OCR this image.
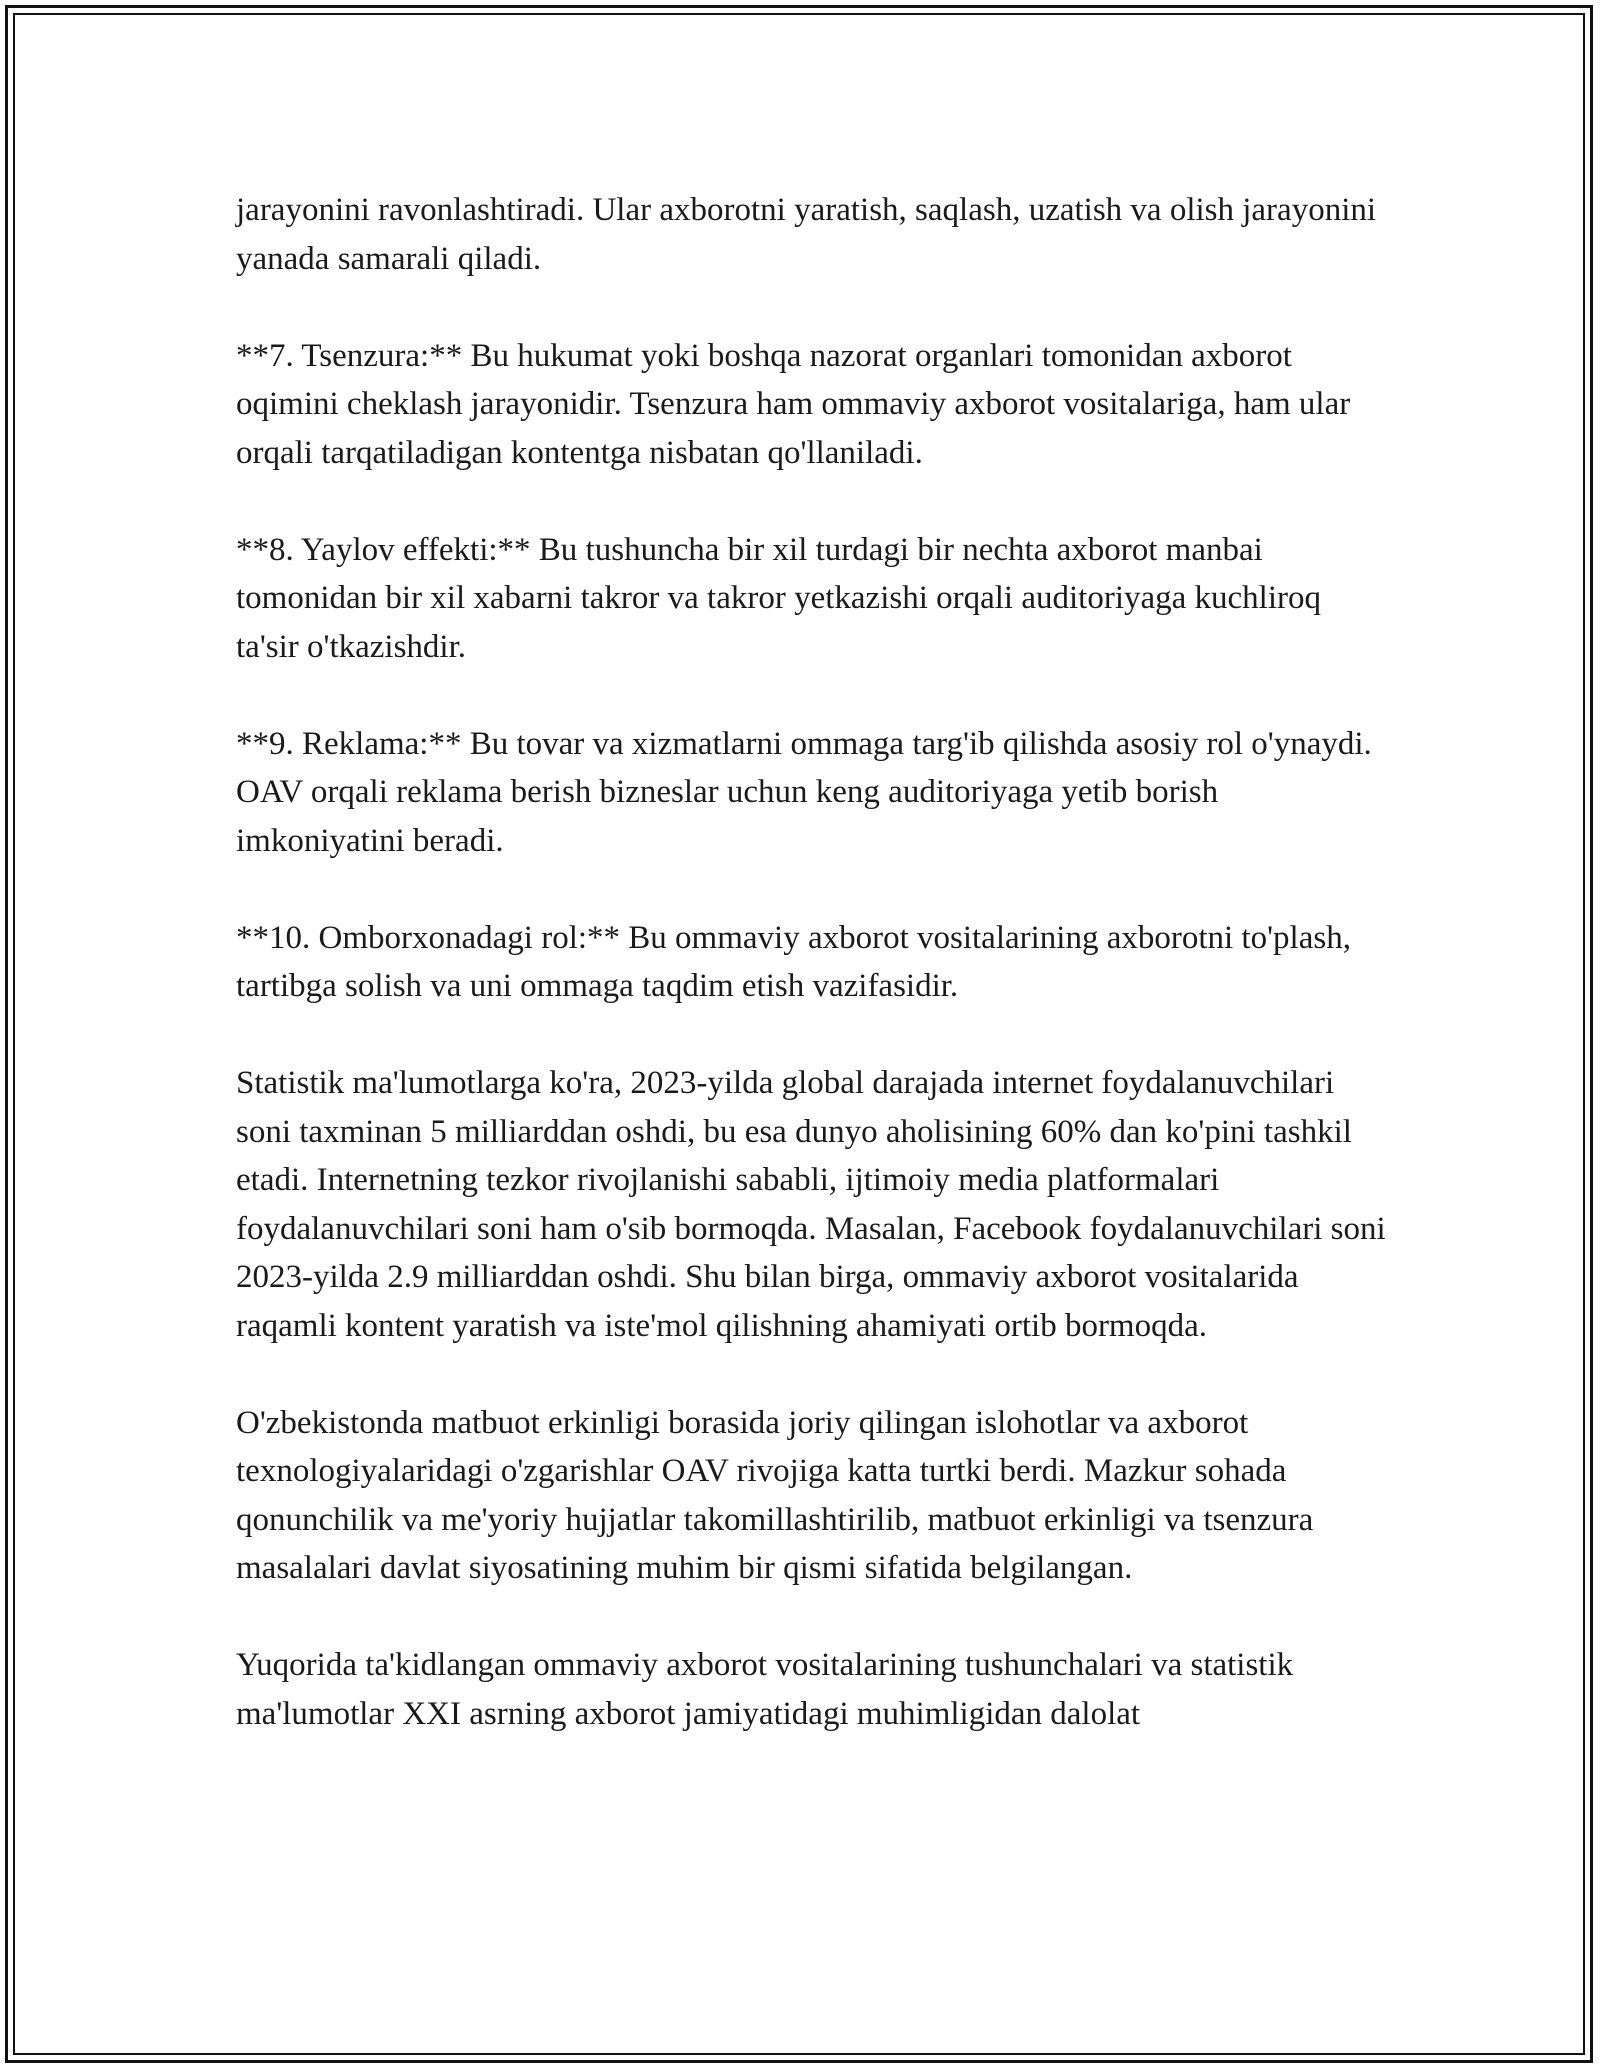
jarayonini ravonlashtiradi. Ular axborotni yaratish, saqlash, uzatish va olish jarayonini yanada samarali qiladi.

**7. Tsenzura:** Bu hukumat yoki boshqa nazorat organlari tomonidan axborot oqimini cheklash jarayonidir. Tsenzura ham ommaviy axborot vositalariga, ham ular orqali tarqatiladigan kontentga nisbatan qo'llaniladi.

**8. Yaylov effekti:** Bu tushuncha bir xil turdagi bir nechta axborot manbai tomonidan bir xil xabarni takror va takror yetkazishi orqali auditoriyaga kuchliroq ta'sir o'tkazishdir.

**9. Reklama:** Bu tovar va xizmatlarni ommaga targ'ib qilishda asosiy rol o'ynaydi. OAV orqali reklama berish bizneslar uchun keng auditoriyaga yetib borish imkoniyatini beradi.

**10. Omborxonadagi rol:** Bu ommaviy axborot vositalarining axborotni to'plash, tartibga solish va uni ommaga taqdim etish vazifasidir.

Statistik ma'lumotlarga ko'ra, 2023-yilda global darajada internet foydalanuvchilari soni taxminan 5 milliarddan oshdi, bu esa dunyo aholisining 60% dan ko'pini tashkil etadi. Internetning tezkor rivojlanishi sababli, ijtimoiy media platformalari foydalanuvchilari soni ham o'sib bormoqda. Masalan, Facebook foydalanuvchilari soni 2023-yilda 2.9 milliarddan oshdi. Shu bilan birga, ommaviy axborot vositalarida raqamli kontent yaratish va iste'mol qilishning ahamiyati ortib bormoqda.

O'zbekistonda matbuot erkinligi borasida joriy qilingan islohotlar va axborot texnologiyalaridagi o'zgarishlar OAV rivojiga katta turtki berdi. Mazkur sohada qonunchilik va me'yoriy hujjatlar takomillashtirilib, matbuot erkinligi va tsenzura masalalari davlat siyosatining muhim bir qismi sifatida belgilangan.

Yuqorida ta'kidlangan ommaviy axborot vositalarining tushunchalari va statistik ma'lumotlar XXI asrning axborot jamiyatidagi muhimligidan dalolat
